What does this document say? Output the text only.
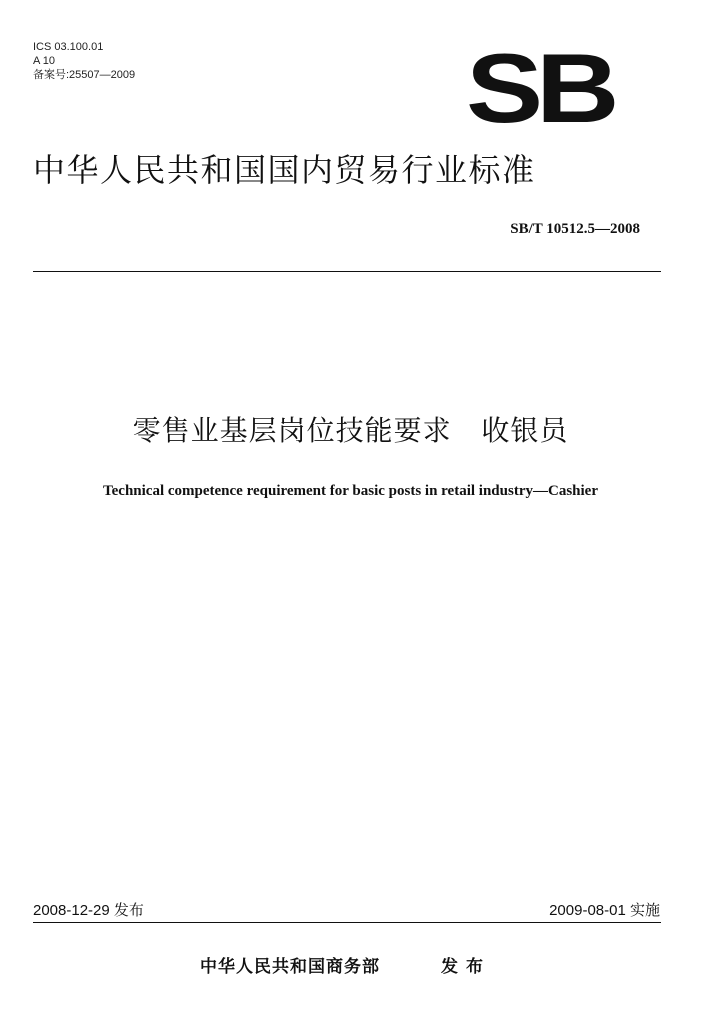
ICS 03.100.01
A 10
备案号:25507—2009	SB
中华人民共和国国内贸易行业标准
SB/T 10512.5—2008
零售业基层岗位技能要求   收银员
Technical competence requirement for basic posts in retail industry—Cashier
2008-12-29 发布	2009-08-01 实施
中华人民共和国商务部	发布
